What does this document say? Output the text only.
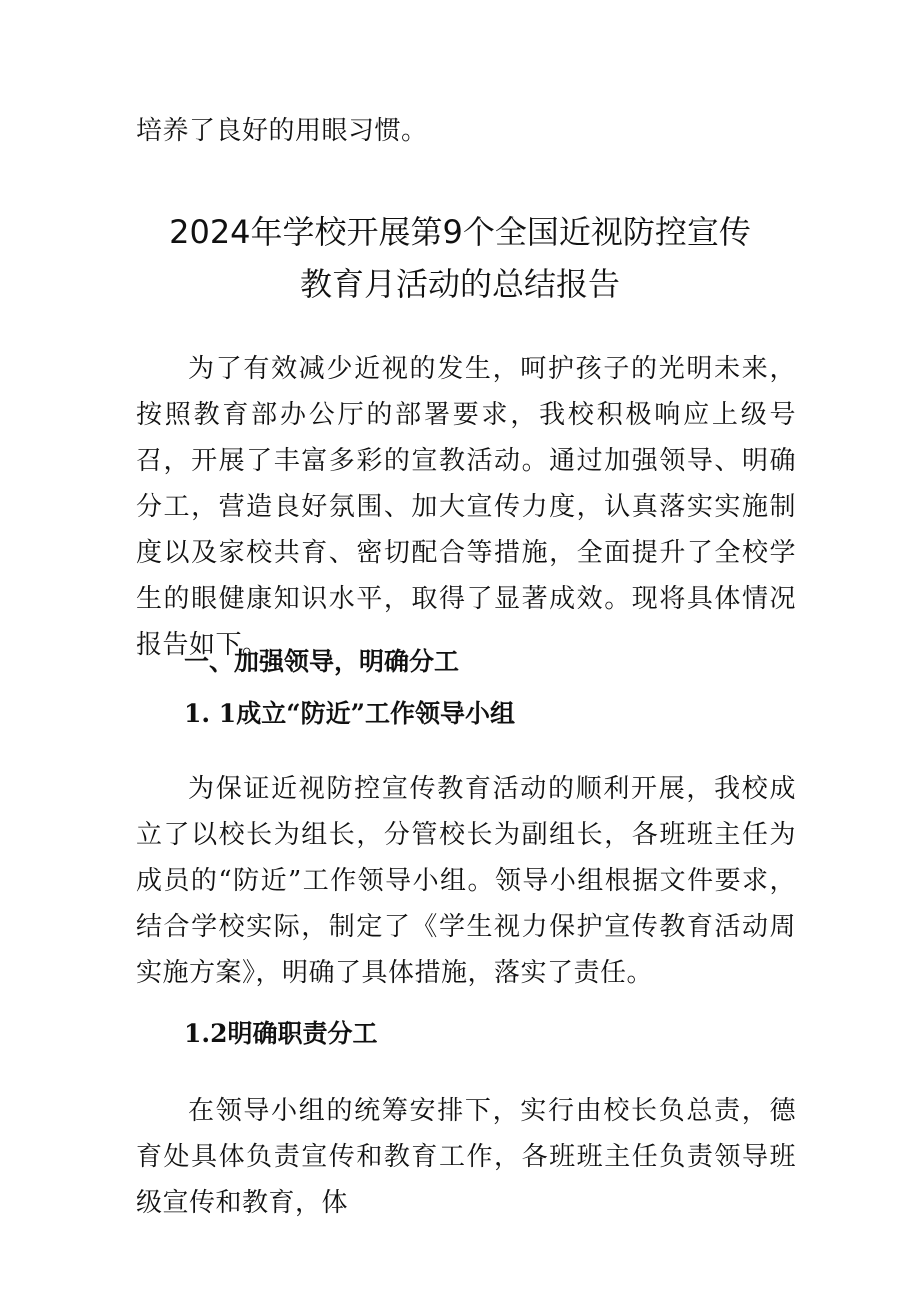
培养了良好的用眼习惯。

2024年学校开展第9个全国近视防控宣传
教育月活动的总结报告

为了有效减少近视的发生，呵护孩子的光明未来，按照教育部办公厅的部署要求，我校积极响应上级号召，开展了丰富多彩的宣教活动。通过加强领导、明确分工，营造良好氛围、加大宣传力度，认真落实实施制度以及家校共育、密切配合等措施，全面提升了全校学生的眼健康知识水平，取得了显著成效。现将具体情况报告如下。

一、加强领导，明确分工
1. 1成立“防近”工作领导小组

为保证近视防控宣传教育活动的顺利开展，我校成立了以校长为组长，分管校长为副组长，各班班主任为成员的“防近”工作领导小组。领导小组根据文件要求，结合学校实际，制定了《学生视力保护宣传教育活动周实施方案》，明确了具体措施，落实了责任。

1.2明确职责分工

在领导小组的统筹安排下，实行由校长负总责，德育处具体负责宣传和教育工作，各班班主任负责领导班级宣传和教育，体
